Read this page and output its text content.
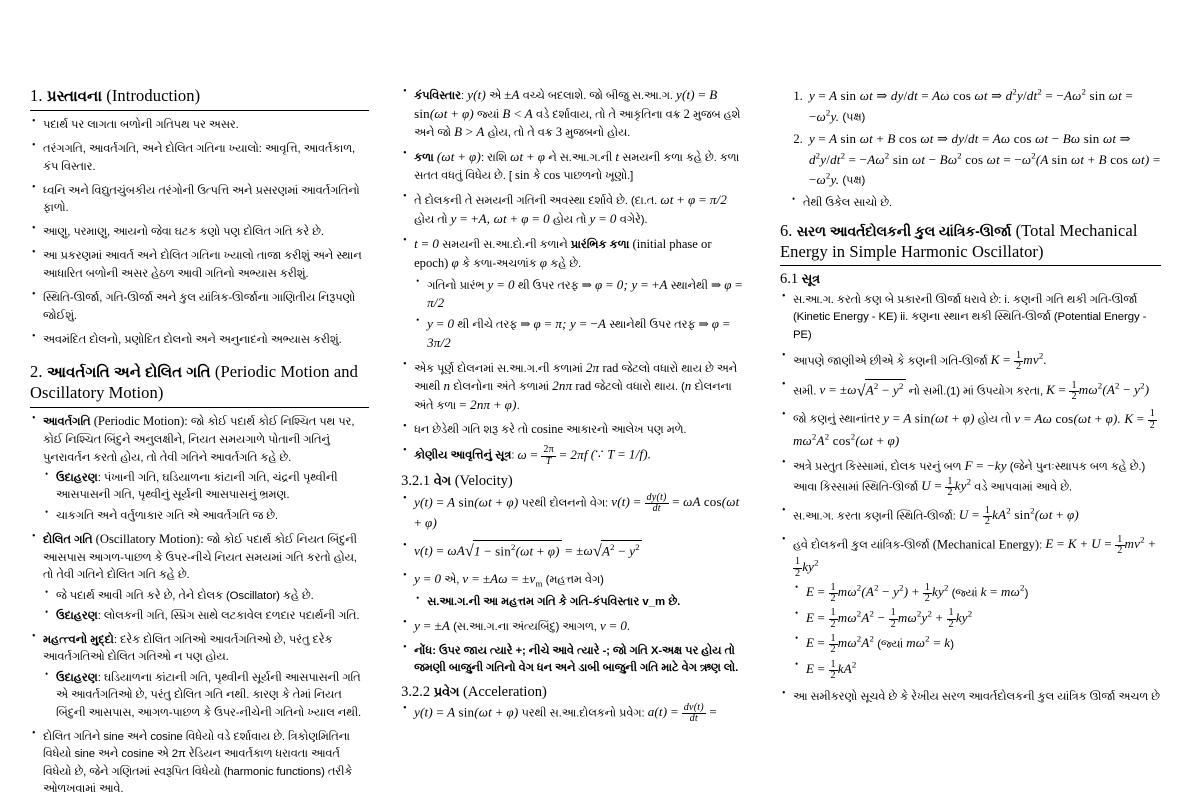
1. પ્રસ્તાવના (Introduction)
• પદાર્થ પર લાગતા બળોની ગતિપથ પર અસર.
• તરંગગતિ, આવર્તગતિ, અને દોલિત ગતિના ખ્યાલો: આવૃત્તિ, આવર્તકાળ, કંપ વિસ્તાર.
• ધ્વનિ અને વિદ્યુતચુંબકીય તરંગોની ઉત્પત્તિ અને પ્રસરણમાં આવર્તગતિનો ફાળો.
• આણુ, પરમાણુ, આયનો જેવા ઘટક કણો પણ દોલિત ગતિ કરે છે.
• આ પ્રકરણમાં આવર્ત અને દોલિત ગતિના ખ્યાલો તાજા કરીશું અને સ્થાન આધારિત બળોની અસર હેઠળ આવી ગતિનો અભ્યાસ કરીશું.
• સ્થિતિ-ઊર્જા, ગતિ-ઊર્જા અને કુલ યાંત્રિક-ઊર્જાના ગાણિતીય નિરૂપણો જોઈશું.
• અવમંદિત દોલનો, પ્રણોદિત દોલનો અને અનુનાદનો અભ્યાસ કરીશું.
2. આવર્તગતિ અને દોલિત ગતિ (Periodic Motion and Oscillatory Motion)
• આવર્તગતિ (Periodic Motion): જો કોઈ પદાર્થ કોઈ નિશ્ચિત પથ પર, કોઈ નિશ્ચિત બિંદુને અનુલક્ષીને, નિયત સમયગાળે પોતાની ગતિનું પુનરાવર્તન કરતો હોય, તો તેવી ગતિને આવર્તગતિ કહે છે.
• ઉદાહરણ: પંખાની ગતિ, ઘડિયાળના કાંટાની ગતિ, ચંદ્રની પૃથ્વીની આસપાસની ગતિ, પૃથ્વીનું સૂર્યની આસપાસનું ભ્રમણ.
• ચાકગતિ અને વર્તુળાકાર ગતિ એ આવર્તગતિ જ છે.
• દોલિત ગતિ (Oscillatory Motion): જો કોઈ પદાર્થ કોઈ નિયત બિંદુની આસપાસ આગળ-પાછળ કે ઉપર-નીચે નિયત સમયમાં ગતિ કરતો હોય, તો તેવી ગતિને દોલિત ગતિ કહે છે.
• જે પદાર્થ આવી ગતિ કરે છે, તેને દોલક (Oscillator) કહે છે.
• ઉદાહરણ: લોલકની ગતિ, સ્પ્રિંગ સાથે લટકાવેલ દળદાર પદાર્થની ગતિ.
• મહત્ત્વનો મુદ્દો: દરેક દોલિત ગતિઓ આવર્તગતિઓ છે, પરંતુ દરેક આવર્તગતિઓ દોલિત ગતિઓ ન પણ હોય.
• ઉદાહરણ: ઘડિયાળના કાંટાની ગતિ, પૃથ્વીની સૂર્યની આસપાસની ગતિ એ આવર્તગતિઓ છે, પરંતુ દોલિત ગતિ નથી. કારણ કે તેમાં નિયત બિંદુની આસપાસ, આગળ-પાછળ કે ઉપર-નીચેની ગતિનો ખ્યાલ નથી.
• દોલિત ગતિને sine અને cosine વિધેયો વડે દર્શાવાય છે. ત્રિકોણમિતિના વિધેયો sine અને cosine એ 2π રેડિયન આવર્તકાળ ધરાવતા આવર્ત વિધેયો છે, જેને ગણિતમાં સ્વરૂપિત વિધેયો (harmonic functions) તરીકે ઓળખવામાં આવે.
• કંપવિસ્તાર: y(t) એ ±A વચ્ચે બદલાશે. જો બીજુ સ.આ.ગ. y(t) = B sin(ωt + φ) જ્યાં B < A વડે દર્શાવાય, તો તે આકૃતિના વક્ર 2 મુજબ હશે અને જો B > A હોય, તો તે વક્ર 3 મુજબનો હોય.
• કળા (ωt + φ): રાશિ ωt + φ ને સ.આ.ગ.ની t સમયની કળા કહે છે. કળા સતત વધતું વિધેય છે. [ sin કે cos પાછળનો ખૂણો.]
• તે દોલકની તે સમયની ગતિની અવસ્થા દર્શાવે છે. (દા.ત. ωt + φ = π/2 હોય તો y = +A, ωt + φ = 0 હોય તો y = 0 વગેરે).
• t = 0 સમયની સ.આ.દો.ની કળાને પ્રારંભિક કળા (initial phase or epoch) φ કે કળા-અચળાંક φ કહે છે.
• ગતિનો પ્રારંભ y = 0 થી ઉપર તરફ ⇒ φ = 0; y = +A સ્થાનેથી ⇒ φ = π/2
• y = 0 થી નીચે તરફ ⇒ φ = π; y = −A સ્થાનેથી ઉપર તરફ ⇒ φ = 3π/2
• એક પૂર્ણ દોલનમાં સ.આ.ગ.ની કળામાં 2π rad જેટલો વધારો થાય છે અને આથી n દોલનોના અંતે કળામાં 2nπ rad જેટલો વધારો થાય. (n દોલનના અંતે કળા = 2nπ + φ).
• ધન છેડેથી ગતિ શરૂ કરે તો cosine આકારનો આલેખ પણ મળે.
• કોણીય આવૃત્તિનું સૂત્ર: $\omega = \frac{2\pi}{T} = 2\pi f$ (∵ T = 1/f).
3.2.1 વેગ (Velocity)
• y(t) = A sin(ωt + φ) પરથી દોલનનો વેગ: $v(t) = \frac{dy(t)}{dt} = \omega A$ cos(ωt + φ)
• $v(t) = \omega A√1 - \sin^2(\omega t + \varphi) = \pm\omega√A^2 - y^2$
• y = 0 એ, $v = \pm A\omega = \pm v_m$ (મહત્તમ વેગ)
• સ.આ.ગ.ની આ મહત્તમ ગતિ કે ગતિ-કંપવિસ્તાર v_m છે.
• y = ±A (સ.આ.ગ.ના અંત્યબિંદુ) આગળ, v = 0.
• નોંધ: ઉપર જાય ત્યારે +; નીચે આવે ત્યારે -; જો ગતિ X-અક્ષ પર હોય તો જમણી બાજુની ગતિનો વેગ ધન અને ડાબી બાજુની ગતિ માટે વેગ ઋણ લો.
3.2.2 પ્રવેગ (Acceleration)
• y(t) = A sin(ωt + φ) પરથી સ.આ.દોલકનો પ્રવેગ: $a(t) = \frac{dv(t)}{dt}$ =
1. y = A sin ωt ⇒ dy/dt = Aω cos ωt ⇒ $d^2y/dt^2 = -A\omega^2$ $\sin \omega t = -\omega^2y$. (પક્ષ)
2. y = A sin ωt + B cos ωt ⇒ dy/dt = Aω cos ωt − Bω sin ωt ⇒ $d^2y/dt^2 = -A\omega^2$ $\sin \omega t - B\omega^2$ $\cos \omega t = -\omega^2(A$ sin ωt + B $\cos \omega t) = -\omega^2y$. (પક્ષ)
• તેથી ઉકેલ સાચો છે.
6. સરળ આવર્તદોલકની કુલ યાંત્રિક-ઊર્જા (Total Mechanical Energy in Simple Harmonic Oscillator)
6.1 સૂત્ર
• સ.આ.ગ. કરતો કણ બે પ્રકારની ઊર્જા ધરાવે છે: i. કણની ગતિ થકી ગતિ-ઊર્જા (Kinetic Energy - KE) ii. કણના સ્થાન થકી સ્થિતિ-ઊર્જા (Potential Energy - PE)
• આપણે જાણીએ છીએ કે કણની ગતિ-ઊર્જા $K = \frac{1}{2} mv^2$.
• સમી. $v = \pm\omega√A^2 - y^2$ નો સમી.(1) માં ઉપયોગ કરતા, $K = \frac{1}{2} m\omega^2(A^2 - y^2)$
• જો કણનું સ્થાનાંતર y = A sin(ωt + φ) હોય તો v = Aω cos(ωt + φ). $K = \frac{1}{2}$
$m\omega^2A^2$ $\cos^2(\omega t + \varphi)$
• અત્રે પ્રસ્તુત કિસ્સામાં, દોલક પરનું બળ F = −ky (જેને પુનઃસ્થાપક બળ કહે છે.) આવા કિસ્સામાં સ્થિતિ-ઊર્જા $U = \frac{1}{2} ky^2$ વડે આપવામાં આવે છે.
• સ.આ.ગ. કરતા કણની સ્થિતિ-ઊર્જા: $U = \frac{1}{2} kA^2$ $\sin^2(\omega t + \varphi)$
• હવે દોલકની કુલ યાંત્રિક-ઊર્જા (Mechanical Energy): $E = K + U = \frac{1}{2} mv^2$ +
$\frac{1}{2} ky^2$
• $E = \frac{1}{2} m\omega^2(A^2 - y^2) + \frac{1}{2} ky^2$ (જ્યાં $k = m\omega^2$)
• $E = \frac{1}{2} m\omega^2A^2 - \frac{1}{2} m\omega^2y^2 + \frac{1}{2} ky^2$
• $E = \frac{1}{2} m\omega^2A^2$ (જ્યાં $m\omega^2 = k$)
• $E = \frac{1}{2} kA^2$
• આ સમીકરણો સૂચવે છે કે રેખીય સરળ આવર્તદોલકની કુલ યાંત્રિક ઊર્જા અચળ છે
